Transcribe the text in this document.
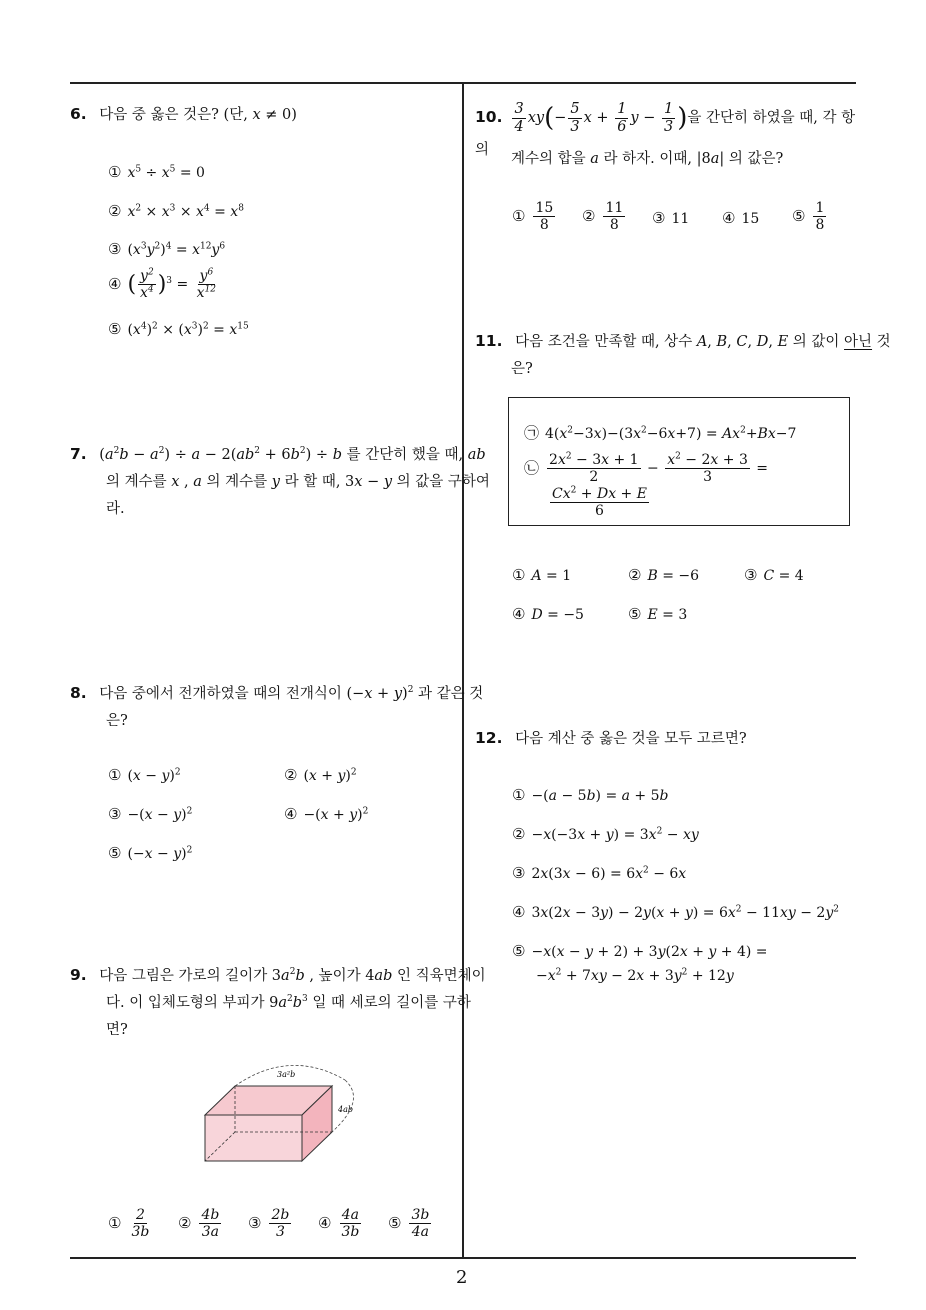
6. 다음 중 옳은 것은? (단, x ≠ 0)
① $x^5 \div x^5 = 0$
② $x^2 \times x^3 \times x^4 = x^8$
③ $(x^3y^2)^4 = x^{12}y^6$
④ ( $\frac{y^2}{x^4} )^3 = \frac{y^6}{x^{12}}$
⑤ $(x^4)^2 \times (x^3)^2 = x^{15}$
7. $(a^2b - a^2) \div a - 2(ab^2 + 6b^2) \div b$ 를 간단히 했을 때, ab 의 계수를 x , a 의 계수를 y 라 할 때, 3x − y 의 값을 구하여라.
8. 다음 중에서 전개하였을 때의 전개식이 $(-x + y)^2$ 과 같은 것은?
① $(x - y)^2$	② $(x + y)^2$
③ $-(x - y)^2$	④ $-(x + y)^2$
⑤ $(-x - y)^2$
9. 다음 그림은 가로의 길이가 $3a^2b$ , 높이가 4ab 인 직육면체이다. 이 입체도형의 부피가 $9a^2b^3$ 일 때 세로의 길이를 구하면?
3a²b
4ab
① $\frac{2}{3b}$ ② $\frac{4b}{3a}$ ③ $\frac{2b}{3}$ ④ $\frac{4a}{3b}$ ⑤ $\frac{3b}{4a}$
10. $\frac{3}{4} xy(- \frac{5}{3}$ $x + \frac{1}{6}$ $y - \frac{1}{3}$ )을 간단히 하였을 때, 각 항의
계수의 합을 a 라 하자. 이때, |8a| 의 값은?
① $\frac{15}{8}$ ② $\frac{11}{8}$ ③ 11 ④ 15 ⑤ $\frac{1}{8}$
11. 다음 조건을 만족할 때, 상수 A, B, C, D, E 의 값이 아닌 것은?
㉠ $4(x^2-3x)-(3x^2-6x+7) = Ax^2+Bx-7$
㉡ $\frac{2x^2 - 3x + 1}{2} - \frac{x^2 - 2x + 3}{3}$ =
$\frac{Cx^2 + Dx + E}{6}$
① A = 1	② B = −6	③ C = 4
④ D = −5	⑤ E = 3
12. 다음 계산 중 옳은 것을 모두 고르면?
① −(a − 5b) = a + 5b
② $-x(-3x + y) = 3x^2$ − xy
③ $2x(3x - 6) = 6x^2 - 6x$
④ $3x(2x - 3y) - 2y(x + y) = 6x^2 - 11xy - 2y^2$
⑤ −x(x − y + 2) + 3y(2x + y + 4) =
$-x^2 + 7xy - 2x + 3y^2 + 12y$
2
